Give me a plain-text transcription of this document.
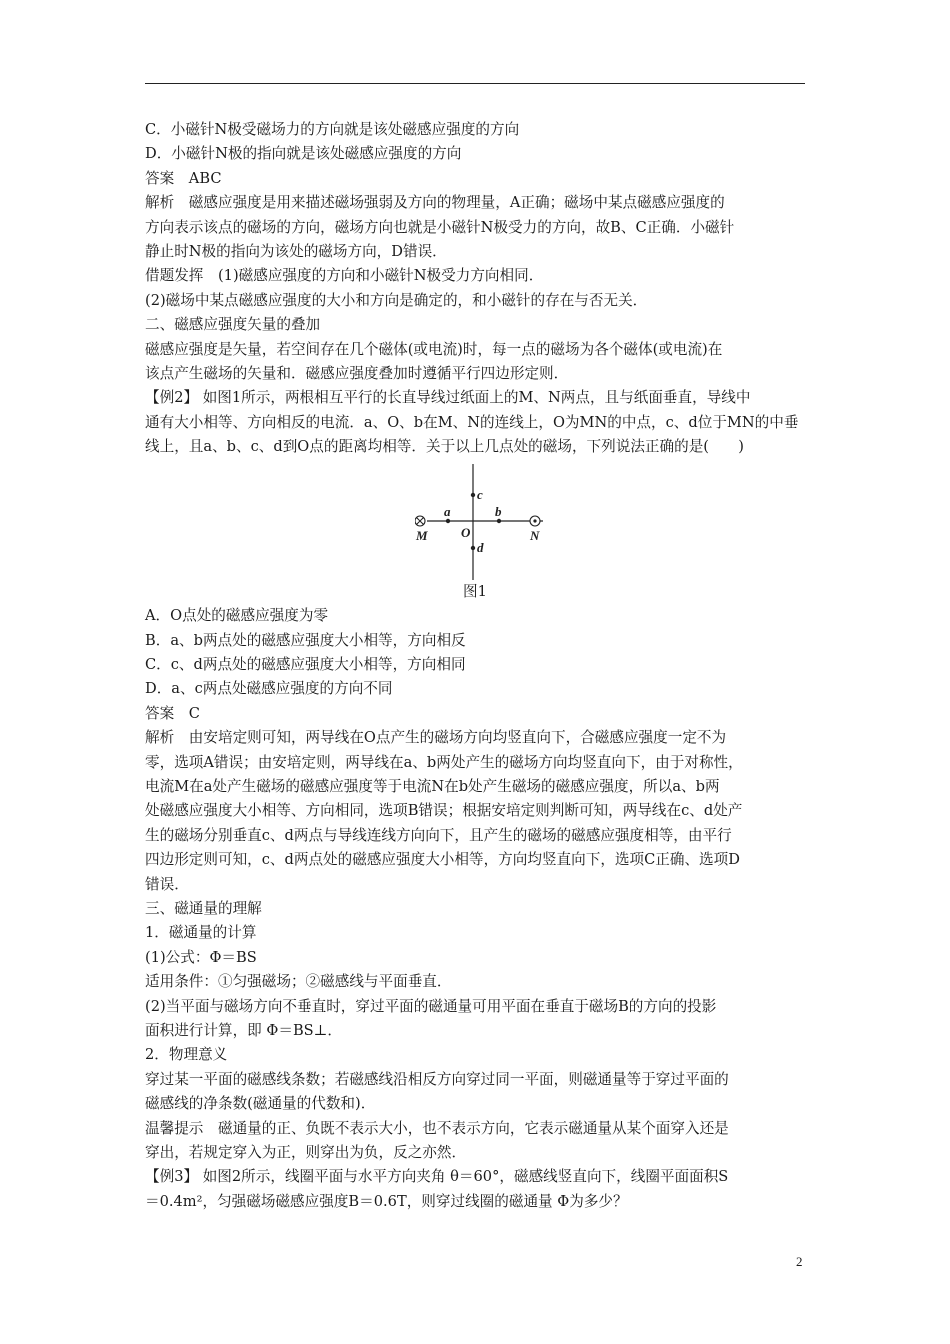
C．小磁针N极受磁场力的方向就是该处磁感应强度的方向

D．小磁针N极的指向就是该处磁感应强度的方向

答案　ABC

解析　磁感应强度是用来描述磁场强弱及方向的物理量，A正确；磁场中某点磁感应强度的

方向表示该点的磁场的方向，磁场方向也就是小磁针N极受力的方向，故B、C正确．小磁针

静止时N极的指向为该处的磁场方向，D错误．

借题发挥　(1)磁感应强度的方向和小磁针N极受力方向相同．

(2)磁场中某点磁感应强度的大小和方向是确定的，和小磁针的存在与否无关．

二、磁感应强度矢量的叠加

磁感应强度是矢量，若空间存在几个磁体(或电流)时，每一点的磁场为各个磁体(或电流)在

该点产生磁场的矢量和．磁感应强度叠加时遵循平行四边形定则．

【例2】 如图1所示，两根相互平行的长直导线过纸面上的M、N两点，且与纸面垂直，导线中

通有大小相等、方向相反的电流．a、O、b在M、N的连线上，O为MN的中点，c、d位于MN的中垂

线上，且a、b、c、d到O点的距离均相等．关于以上几点处的磁场，下列说法正确的是(　　)

M	N
O
a	b
c
d

图1

A．O点处的磁感应强度为零

B．a、b两点处的磁感应强度大小相等，方向相反

C．c、d两点处的磁感应强度大小相等，方向相同

D．a、c两点处磁感应强度的方向不同

答案　C

解析　由安培定则可知，两导线在O点产生的磁场方向均竖直向下，合磁感应强度一定不为

零，选项A错误；由安培定则，两导线在a、b两处产生的磁场方向均竖直向下，由于对称性，

电流M在a处产生磁场的磁感应强度等于电流N在b处产生磁场的磁感应强度，所以a、b两

处磁感应强度大小相等、方向相同，选项B错误；根据安培定则判断可知，两导线在c、d处产

生的磁场分别垂直c、d两点与导线连线方向向下，且产生的磁场的磁感应强度相等，由平行

四边形定则可知，c、d两点处的磁感应强度大小相等，方向均竖直向下，选项C正确、选项D

错误．

三、磁通量的理解

1．磁通量的计算

(1)公式：Φ＝BS

适用条件：①匀强磁场；②磁感线与平面垂直．

(2)当平面与磁场方向不垂直时，穿过平面的磁通量可用平面在垂直于磁场B的方向的投影

面积进行计算，即 Φ＝BS⊥．

2．物理意义

穿过某一平面的磁感线条数；若磁感线沿相反方向穿过同一平面，则磁通量等于穿过平面的

磁感线的净条数(磁通量的代数和)．

温馨提示　磁通量的正、负既不表示大小，也不表示方向，它表示磁通量从某个面穿入还是

穿出，若规定穿入为正，则穿出为负，反之亦然．

【例3】 如图2所示，线圈平面与水平方向夹角 θ＝60°，磁感线竖直向下，线圈平面面积S

＝0.4m²，匀强磁场磁感应强度B＝0.6T，则穿过线圈的磁通量 Φ为多少？

2
